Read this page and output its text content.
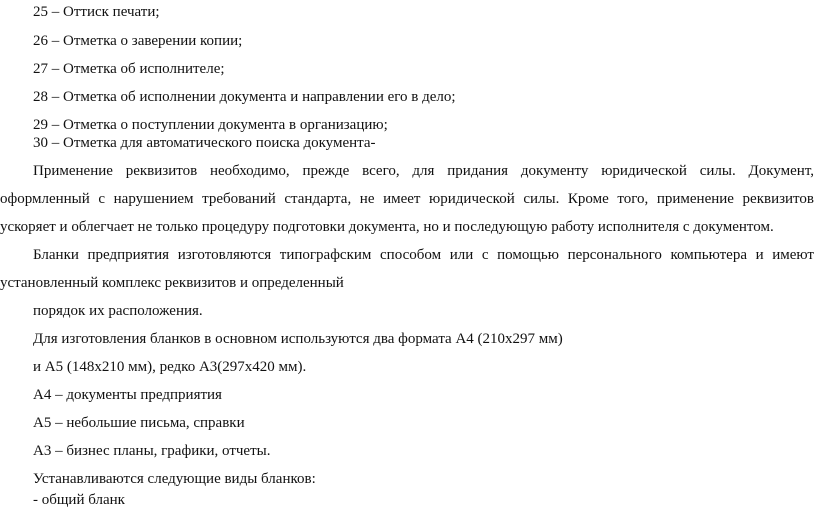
25 – Оттиск печати;
26 – Отметка о заверении копии;
27 – Отметка об исполнителе;
28 – Отметка об исполнении документа и направлении его в дело;
29 – Отметка о поступлении документа в организацию;
30 – Отметка для автоматического поиска документа-
Применение реквизитов необходимо, прежде всего, для придания документу юридической силы. Документ,
оформленный с нарушением требований стандарта, не имеет юридической силы. Кроме того, применение реквизитов
ускоряет и облегчает не только процедуру подготовки документа, но и последующую работу исполнителя с документом.
Бланки предприятия изготовляются типографским способом или с помощью персонального компьютера и имеют
установленный комплекс реквизитов и определенный
порядок их расположения.
Для изготовления бланков в основном используются два формата А4 (210х297 мм)
и А5 (148х210 мм), редко А3(297х420 мм).
А4 – документы предприятия
А5 – небольшие письма, справки
А3 – бизнес планы, графики, отчеты.
Устанавливаются следующие виды бланков:
- общий бланк
